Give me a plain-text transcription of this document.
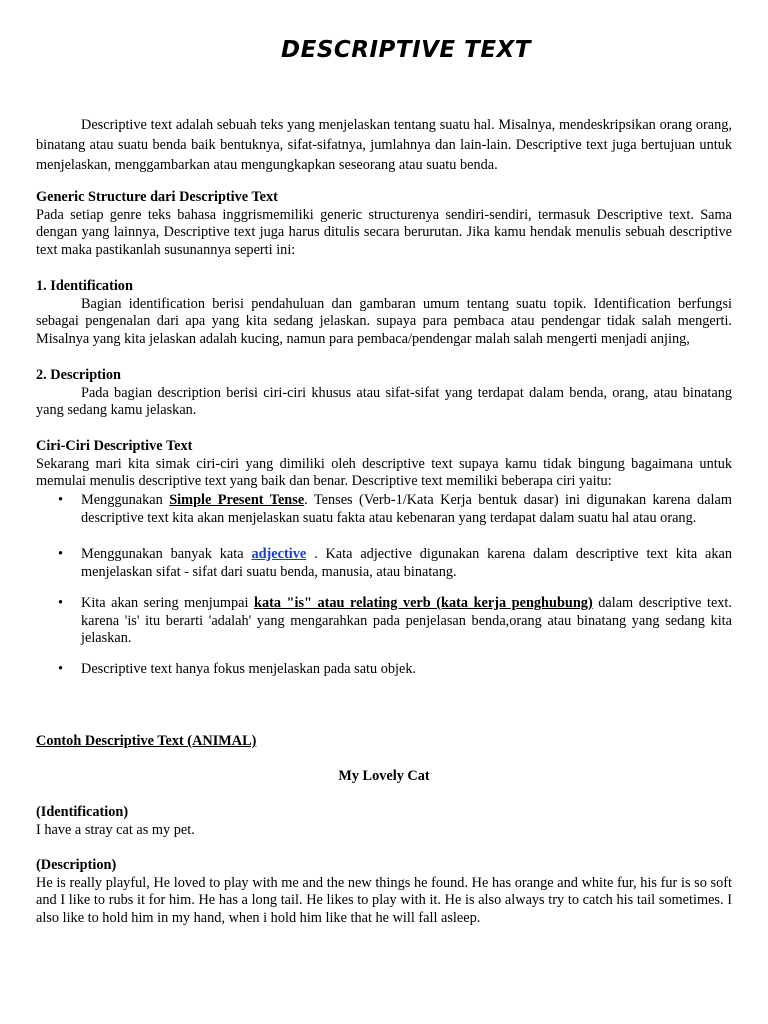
DESCRIPTIVE TEXT

Descriptive text adalah sebuah teks yang menjelaskan tentang suatu hal. Misalnya, mendeskripsikan orang orang, binatang atau suatu benda baik bentuknya, sifat-sifatnya, jumlahnya dan lain-lain. Descriptive text juga bertujuan untuk menjelaskan, menggambarkan atau mengungkapkan seseorang atau suatu benda.

Generic Structure dari Descriptive Text

Pada setiap genre teks bahasa inggrismemiliki generic structurenya sendiri-sendiri, termasuk Descriptive text. Sama dengan yang lainnya, Descriptive text juga harus ditulis secara berurutan. Jika kamu hendak menulis sebuah descriptive text maka pastikanlah susunannya seperti ini:

1. Identification

Bagian identification berisi pendahuluan dan gambaran umum tentang suatu topik. Identification berfungsi sebagai pengenalan dari apa yang kita sedang jelaskan. supaya para pembaca atau pendengar tidak salah mengerti. Misalnya yang kita jelaskan adalah kucing, namun para pembaca/pendengar malah salah mengerti menjadi anjing,

2. Description

Pada bagian description berisi ciri-ciri khusus atau sifat-sifat yang terdapat dalam benda, orang, atau binatang yang sedang kamu jelaskan.

Ciri-Ciri Descriptive Text

Sekarang mari kita simak ciri-ciri yang dimiliki oleh descriptive text supaya kamu tidak bingung bagaimana untuk memulai menulis descriptive text yang baik dan benar. Descriptive text memiliki beberapa ciri yaitu:

• Menggunakan Simple Present Tense. Tenses (Verb-1/Kata Kerja bentuk dasar) ini digunakan karena dalam descriptive text kita akan menjelaskan suatu fakta atau kebenaran yang terdapat dalam suatu hal atau orang.
• Menggunakan banyak kata adjective . Kata adjective digunakan karena dalam descriptive text kita akan menjelaskan sifat - sifat dari suatu benda, manusia, atau binatang.
• Kita akan sering menjumpai kata "is" atau relating verb (kata kerja penghubung) dalam descriptive text. karena 'is' itu berarti 'adalah' yang mengarahkan pada penjelasan benda,orang atau binatang yang sedang kita jelaskan.
• Descriptive text hanya fokus menjelaskan pada satu objek.
Contoh Descriptive Text (ANIMAL)
My Lovely Cat
(Identification)

I have a stray cat as my pet.

(Description)

He is really playful, He loved to play with me and the new things he found. He has orange and white fur, his fur is so soft and I like to rubs it for him. He has a long tail. He likes to play with it. He is also always try to catch his tail sometimes. I also like to hold him in my hand, when i hold him like that he will fall asleep.
